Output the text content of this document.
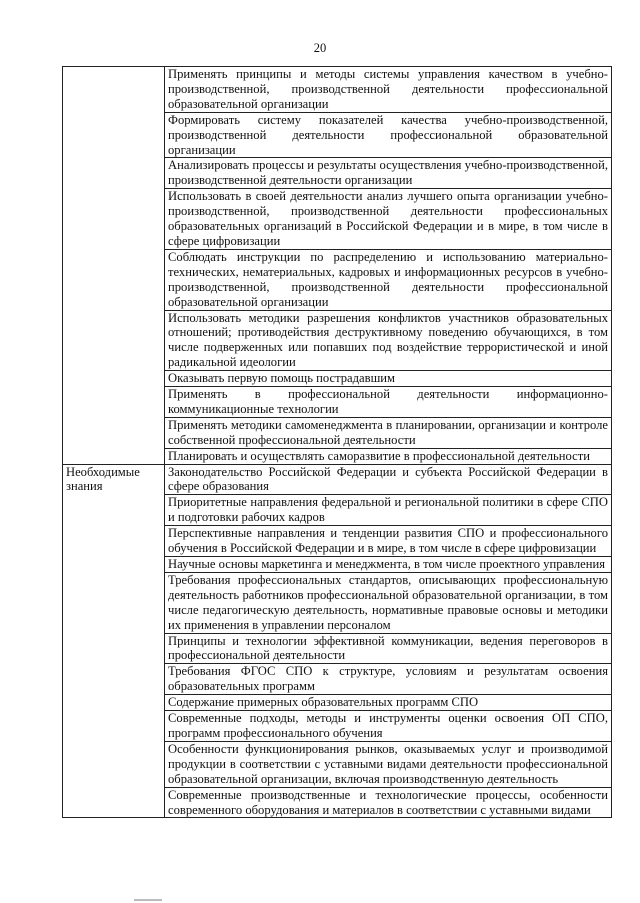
20
	Применять принципы и методы системы управления качеством в учебно-производственной, производственной деятельности профессиональной образовательной организации
	Формировать систему показателей качества учебно-производственной, производственной деятельности профессиональной образовательной организации
	Анализировать процессы и результаты осуществления учебно-производственной, производственной деятельности организации
	Использовать в своей деятельности анализ лучшего опыта организации учебно-производственной, производственной деятельности профессиональных образовательных организаций в Российской Федерации и в мире, в том числе в сфере цифровизации
	Соблюдать инструкции по распределению и использованию материально-технических, нематериальных, кадровых и информационных ресурсов в учебно-производственной, производственной деятельности профессиональной образовательной организации
	Использовать методики разрешения конфликтов участников образовательных отношений; противодействия деструктивному поведению обучающихся, в том числе подверженных или попавших под воздействие террористической и иной радикальной идеологии
	Оказывать первую помощь пострадавшим
	Применять в профессиональной деятельности информационно-коммуникационные технологии
	Применять методики самоменеджмента в планировании, организации и контроле собственной профессиональной деятельности
	Планировать и осуществлять саморазвитие в профессиональной деятельности

Необходимые знания	Законодательство Российской Федерации и субъекта Российской Федерации в сфере образования
	Приоритетные направления федеральной и региональной политики в сфере СПО и подготовки рабочих кадров
	Перспективные направления и тенденции развития СПО и профессионального обучения в Российской Федерации и в мире, в том числе в сфере цифровизации
	Научные основы маркетинга и менеджмента, в том числе проектного управления
	Требования профессиональных стандартов, описывающих профессиональную деятельность работников профессиональной образовательной организации, в том числе педагогическую деятельность, нормативные правовые основы и методики их применения в управлении персоналом
	Принципы и технологии эффективной коммуникации, ведения переговоров в профессиональной деятельности
	Требования ФГОС СПО к структуре, условиям и результатам освоения образовательных программ
	Содержание примерных образовательных программ СПО
	Современные подходы, методы и инструменты оценки освоения ОП СПО, программ профессионального обучения
	Особенности функционирования рынков, оказываемых услуг и производимой продукции в соответствии с уставными видами деятельности профессиональной образовательной организации, включая производственную деятельность
	Современные производственные и технологические процессы, особенности современного оборудования и материалов в соответствии с уставными видами
